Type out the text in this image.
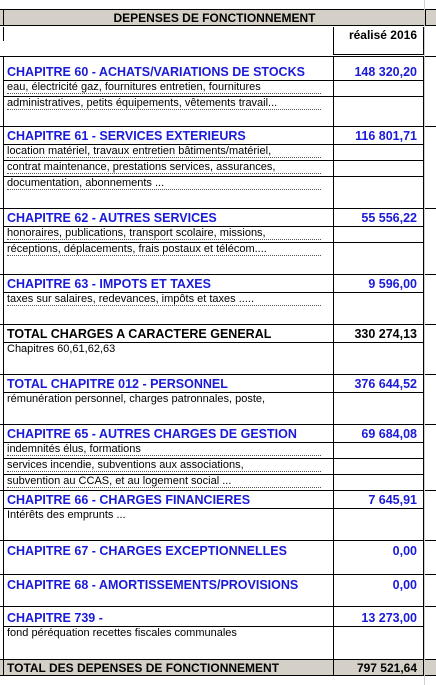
DEPENSES DE FONCTIONNEMENT
réalisé 2016
CHAPITRE 60 - ACHATS/VARIATIONS DE STOCKS
eau, électricité gaz, fournitures entretien, fournitures
administratives, petits équipements, vêtements travail...
148 320,20
CHAPITRE 61 - SERVICES EXTERIEURS
location matériel, travaux entretien bâtiments/matériel,
contrat maintenance, prestations services, assurances,
documentation, abonnements ...
116 801,71
CHAPITRE 62 - AUTRES SERVICES
honoraires, publications, transport scolaire, missions,
réceptions, déplacements, frais postaux et télécom....
55 556,22
CHAPITRE 63 - IMPOTS ET TAXES
taxes sur salaires, redevances, impôts et taxes .....
9 596,00
TOTAL CHARGES A CARACTERE GENERAL
Chapitres 60,61,62,63
330 274,13
TOTAL CHAPITRE 012 - PERSONNEL
rémunération personnel, charges patronnales, poste,
376 644,52
CHAPITRE 65 - AUTRES CHARGES DE GESTION
indemnités élus, formations
services incendie, subventions aux associations,
subvention au CCAS, et au logement social ...
69 684,08
CHAPITRE 66 - CHARGES FINANCIERES
Intérêts des emprunts ...
7 645,91
CHAPITRE 67 - CHARGES EXCEPTIONNELLES	0,00
CHAPITRE 68 - AMORTISSEMENTS/PROVISIONS	0,00
CHAPITRE 739 -
fond péréquation recettes fiscales communales
13 273,00
TOTAL DES DEPENSES DE FONCTIONNEMENT	797 521,64
